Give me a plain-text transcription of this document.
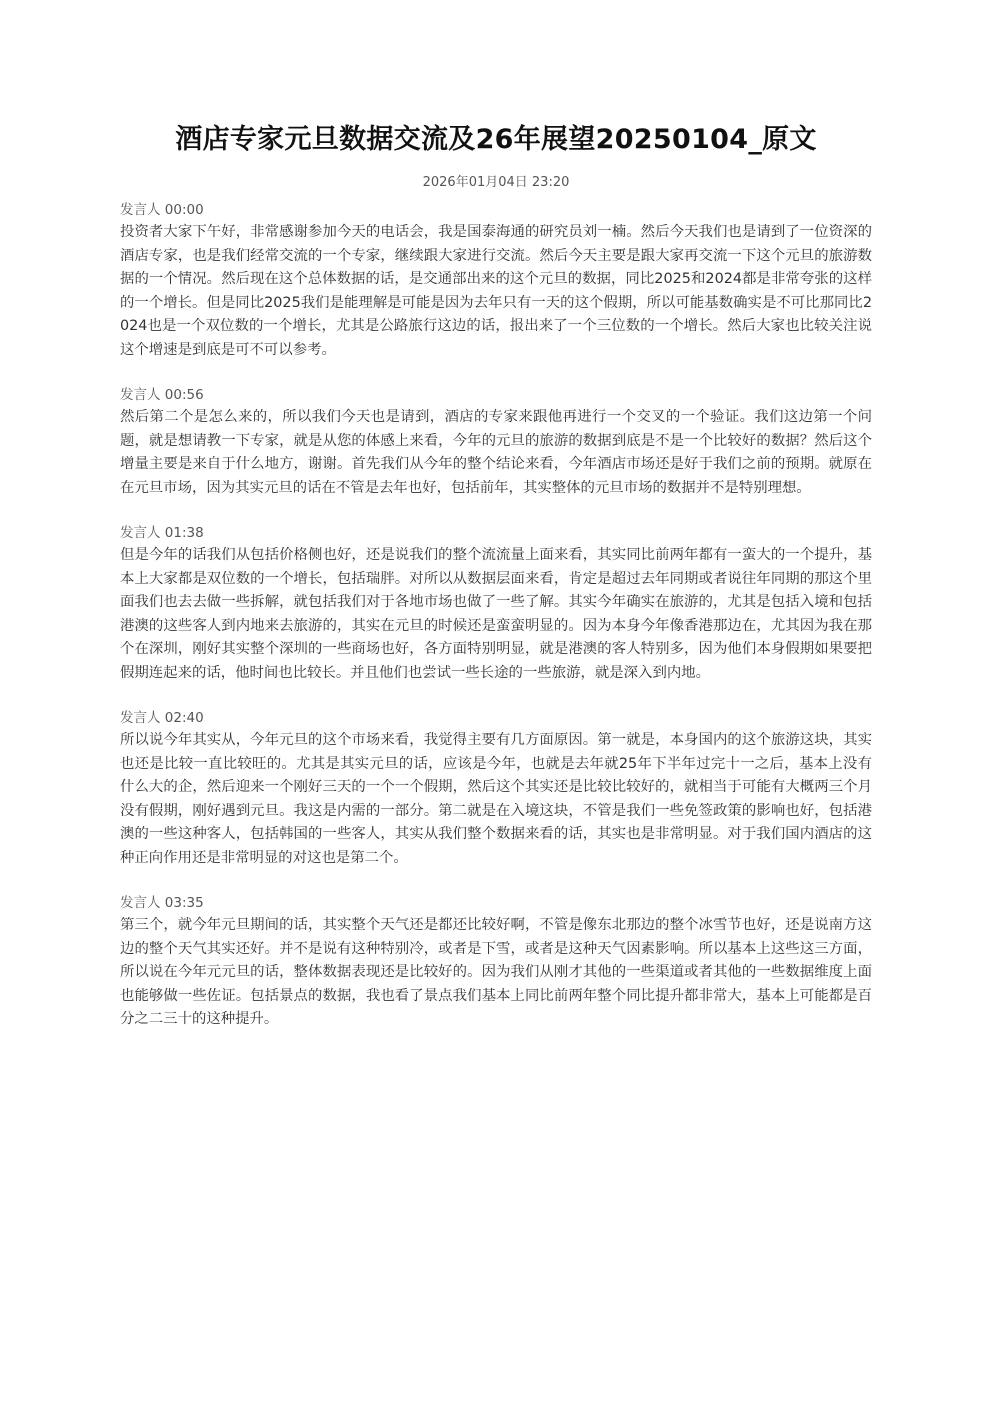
酒店专家元旦数据交流及26年展望20250104_原文
2026年01月04日 23:20
发言人 00:00

投资者大家下午好，非常感谢参加今天的电话会，我是国泰海通的研究员刘一楠。然后今天我们也是请到了一位资深的酒店专家，也是我们经常交流的一个专家，继续跟大家进行交流。然后今天主要是跟大家再交流一下这个元旦的旅游数据的一个情况。然后现在这个总体数据的话，是交通部出来的这个元旦的数据，同比2025和2024都是非常夸张的这样的一个增长。但是同比2025我们是能理解是可能是因为去年只有一天的这个假期，所以可能基数确实是不可比那同比2024也是一个双位数的一个增长，尤其是公路旅行这边的话，报出来了一个三位数的一个增长。然后大家也比较关注说这个增速是到底是可不可以参考。

发言人 00:56

然后第二个是怎么来的，所以我们今天也是请到，酒店的专家来跟他再进行一个交叉的一个验证。我们这边第一个问题，就是想请教一下专家，就是从您的体感上来看，今年的元旦的旅游的数据到底是不是一个比较好的数据？然后这个增量主要是来自于什么地方，谢谢。首先我们从今年的整个结论来看，今年酒店市场还是好于我们之前的预期。就原在在元旦市场，因为其实元旦的话在不管是去年也好，包括前年，其实整体的元旦市场的数据并不是特别理想。

发言人 01:38

但是今年的话我们从包括价格侧也好，还是说我们的整个流流量上面来看，其实同比前两年都有一蛮大的一个提升，基本上大家都是双位数的一个增长，包括瑞胖。对所以从数据层面来看，肯定是超过去年同期或者说往年同期的那这个里面我们也去去做一些拆解，就包括我们对于各地市场也做了一些了解。其实今年确实在旅游的，尤其是包括入境和包括港澳的这些客人到内地来去旅游的，其实在元旦的时候还是蛮蛮明显的。因为本身今年像香港那边在，尤其因为我在那个在深圳，刚好其实整个深圳的一些商场也好，各方面特别明显，就是港澳的客人特别多，因为他们本身假期如果要把假期连起来的话，他时间也比较长。并且他们也尝试一些长途的一些旅游，就是深入到内地。

发言人 02:40

所以说今年其实从，今年元旦的这个市场来看，我觉得主要有几方面原因。第一就是，本身国内的这个旅游这块，其实也还是比较一直比较旺的。尤其是其实元旦的话，应该是今年，也就是去年就25年下半年过完十一之后，基本上没有什么大的企，然后迎来一个刚好三天的一个一个假期，然后这个其实还是比较比较好的，就相当于可能有大概两三个月没有假期，刚好遇到元旦。我这是内需的一部分。第二就是在入境这块，不管是我们一些免签政策的影响也好，包括港澳的一些这种客人，包括韩国的一些客人，其实从我们整个数据来看的话，其实也是非常明显。对于我们国内酒店的这种正向作用还是非常明显的对这也是第二个。

发言人 03:35

第三个，就今年元旦期间的话，其实整个天气还是都还比较好啊，不管是像东北那边的整个冰雪节也好，还是说南方这边的整个天气其实还好。并不是说有这种特别冷，或者是下雪，或者是这种天气因素影响。所以基本上这些这三方面，所以说在今年元元旦的话，整体数据表现还是比较好的。因为我们从刚才其他的一些渠道或者其他的一些数据维度上面也能够做一些佐证。包括景点的数据，我也看了景点我们基本上同比前两年整个同比提升都非常大，基本上可能都是百分之二三十的这种提升。
